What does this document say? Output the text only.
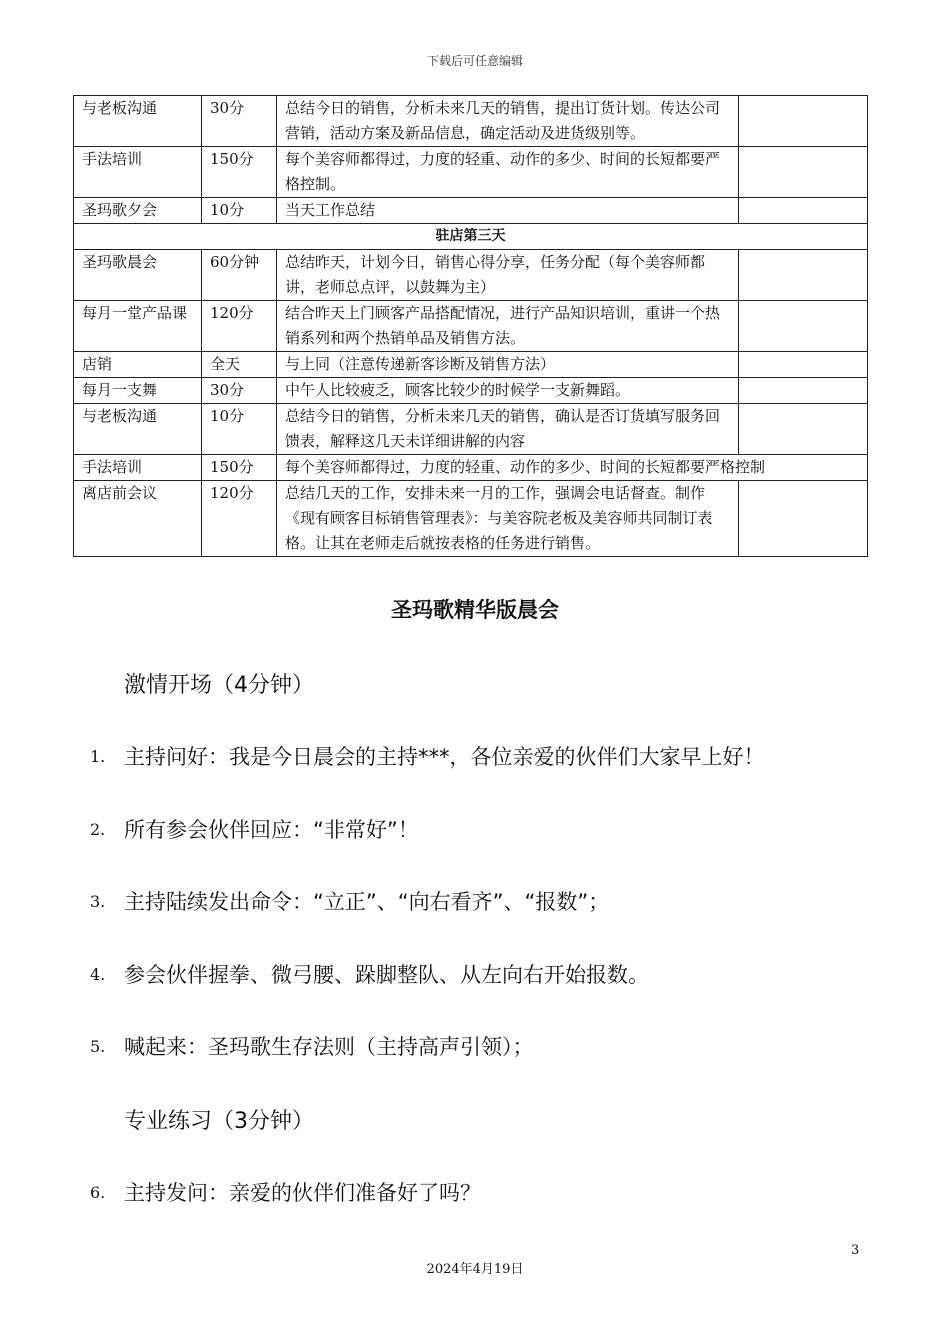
下载后可任意编辑
与老板沟通	30分	总结今日的销售，分析未来几天的销售，提出订货计划。传达公司营销，活动方案及新品信息，确定活动及进货级别等。	
手法培训	150分	每个美容师都得过，力度的轻重、动作的多少、时间的长短都要严格控制。	
圣玛歌夕会	10分	当天工作总结	
驻店第三天			
圣玛歌晨会	60分钟	总结昨天，计划今日，销售心得分享，任务分配（每个美容师都讲，老师总点评，以鼓舞为主）	
每月一堂产品课	120分	结合昨天上门顾客产品搭配情况，进行产品知识培训，重讲一个热销系列和两个热销单品及销售方法。	
店销	全天	与上同（注意传递新客诊断及销售方法）	
每月一支舞	30分	中午人比较疲乏，顾客比较少的时候学一支新舞蹈。	
与老板沟通	10分	总结今日的销售，分析未来几天的销售，确认是否订货填写服务回馈表，解释这几天未详细讲解的内容	
手法培训	150分	每个美容师都得过，力度的轻重、动作的多少、时间的长短都要严格控制	
离店前会议	120分	总结几天的工作，安排未来一月的工作，强调会电话督查。制作《现有顾客目标销售管理表》：与美容院老板及美容师共同制订表格。让其在老师走后就按表格的任务进行销售。	
圣玛歌精华版晨会
激情开场（4分钟）
1. 主持问好：我是今日晨会的主持***，各位亲爱的伙伴们大家早上好！
2. 所有参会伙伴回应：“非常好”！
3. 主持陆续发出命令：“立正”、“向右看齐”、“报数”；
4. 参会伙伴握拳、微弓腰、跺脚整队、从左向右开始报数。
5. 喊起来：圣玛歌生存法则（主持高声引领）；
专业练习（3分钟）
6. 主持发问：亲爱的伙伴们准备好了吗？
3
2024年4月19日
